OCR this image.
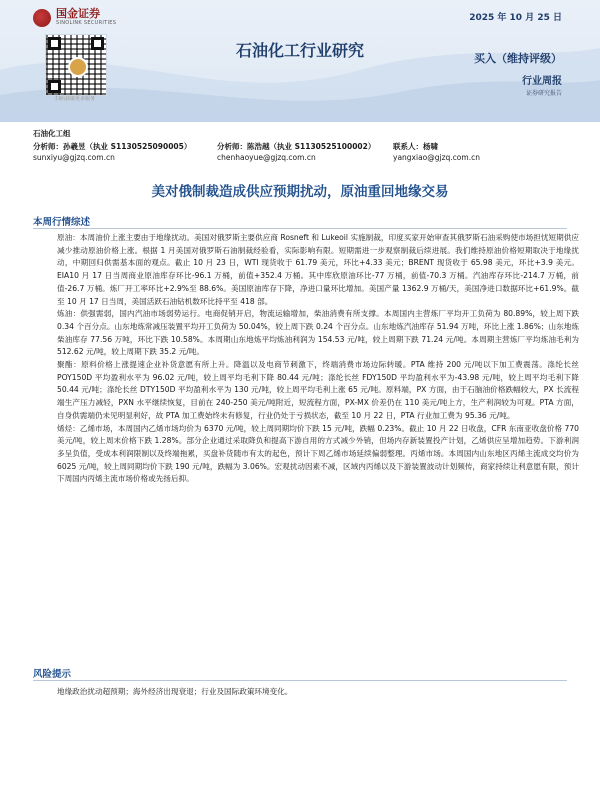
国金证券
SINOLINK SECURITIES
扫码获取更多服务
2025 年 10 月 25 日
石油化工行业研究	买入（维持评级）
行业周报
证券研究报告
石油化工组
分析师：孙羲昱（执业 S1130525090005）	分析师：陈浩越（执业 S1130525100002）	联系人：杨啸
sunxiyu@gjzq.com.cn	chenhaoyue@gjzq.com.cn	yangxiao@gjzq.com.cn
美对俄制裁造成供应预期扰动，原油重回地缘交易
本周行情综述

原油：本周油价上涨主要由于地缘扰动。美国对俄罗斯主要供应商 Rosneft 和 Lukeoil 实施制裁，印度买家开始审查其俄罗斯石油采购使市场担忧短期供应减少推动原油价格上涨。根据 1 月美国对俄罗斯石油制裁经验看，实际影响有限。短期需进一步观察制裁后续进展。我们维持原油价格短期取决于地缘扰动，中期回归供需基本面的观点。截止 10 月 23 日，WTI 现货收于 61.79 美元，环比+4.33 美元；BRENT 现货收于 65.98 美元，环比+3.9 美元。EIA10 月 17 日当周商业原油库存环比-96.1 万桶，前值+352.4 万桶。其中库欣原油环比-77 万桶，前值-70.3 万桶。汽油库存环比-214.7 万桶，前值-26.7 万桶。炼厂开工率环比+2.9%至 88.6%。美国原油库存下降，净进口量环比增加。美国产量 1362.9 万桶/天，美国净进口数据环比+61.9%。截至 10 月 17 日当周，美国活跃石油钻机数环比持平至 418 部。

炼油：供强需弱，国内汽油市场弱势运行。电商促销开启，物流运输增加，柴油消费有所支撑。本周国内主营炼厂平均开工负荷为 80.89%，较上周下跌 0.34 个百分点。山东地炼常减压装置平均开工负荷为 50.04%，较上周下跌 0.24 个百分点。山东地炼汽油库存 51.94 万吨，环比上涨 1.86%；山东地炼柴油库存 77.56 万吨，环比下跌 10.58%。本周期山东地炼平均炼油利润为 154.53 元/吨，较上周期下跌 71.24 元/吨。本周期主营炼厂平均炼油毛利为 512.62 元/吨，较上周期下跌 35.2 元/吨。

聚酯：原料价格上涨提速企业补货意愿有所上升。降温以及电商节刺激下，终端消费市场边际转暖。PTA 维持 200 元/吨以下加工费震荡。涤纶长丝 POY150D 平均盈利水平为 96.02 元/吨，较上周平均毛利下降 80.44 元/吨；涤纶长丝 FDY150D 平均盈利水平为-43.98 元/吨，较上周平均毛利下降 50.44 元/吨；涤纶长丝 DTY150D 平均盈利水平为 130 元/吨，较上周平均毛利上涨 65 元/吨。原料端，PX 方面，由于石脑油价格跌幅较大，PX 长流程端生产压力减轻，PXN 水平继续恢复，目前在 240-250 美元/吨附近，短流程方面，PX-MX 价差仍在 110 美元/吨上方，生产利润较为可观。PTA 方面，自身供需端仍未见明显利好，故 PTA 加工费始终未有修复，行业仍处于亏损状态，截至 10 月 22 日，PTA 行业加工费为 95.36 元/吨。

烯烃：乙烯市场，本周国内乙烯市场均价为 6370 元/吨，较上周同期均价下跌 15 元/吨，跌幅 0.23%。截止 10 月 22 日收盘，CFR 东南亚收盘价格 770 美元/吨，较上周末价格下跌 1.28%。部分企业通过采取降负和提高下游自用的方式减少外销，但场内存新装置投产计划，乙烯供应呈增加趋势。下游利润多呈负值，受成本利润限制以及终端拖累，买盘补货随市有太的起色，预计下周乙烯市场延续偏弱整理。丙烯市场。本周国内山东地区丙烯主流成交均价为 6025 元/吨，较上周同期均价下跌 190 元/吨，跌幅为 3.06%。宏观扰动因素不减，区域内丙烯以及下游装置波动计划频传，商家持续让利意愿有限，预计下周国内丙烯主流市场价格或先扬后抑。

风险提示
地缘政治扰动超预期；海外经济出现衰退；行业及国际政策环境变化。
